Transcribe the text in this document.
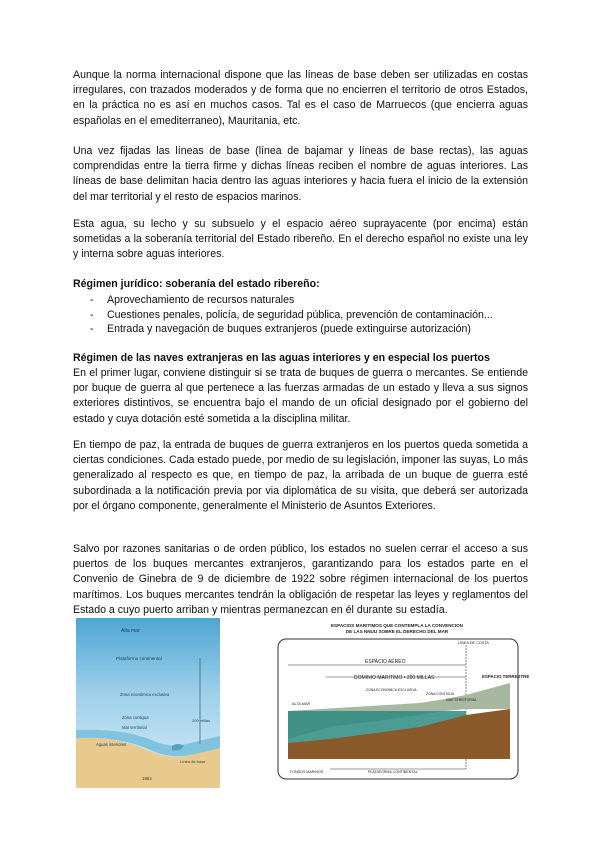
Aunque la norma internacional dispone que las líneas de base deben ser utilizadas en costas irregulares, con trazados moderados y de forma que no encierren el territorio de otros Estados, en la práctica no es así en muchos casos. Tal es el caso de Marruecos (que encierra aguas españolas en el emediterraneo), Mauritania, etc.

Una vez fijadas las líneas de base (línea de bajamar y líneas de base rectas), las aguas comprendidas entre la tierra firme y dichas líneas reciben el nombre de aguas interiores. Las líneas de base delimitan hacia dentro las aguas interiores y hacia fuera el inicio de la extensión del mar territorial y el resto de espacios marinos.

Esta agua, su lecho y su subsuelo y el espacio aéreo suprayacente (por encima) están sometidas a la soberanía territorial del Estado ribereño. En el derecho español no existe una ley y interna sobre aguas interiores.

Régimen jurídico: soberanía del estado ribereño:

- Aprovechamiento de recursos naturales
- Cuestiones penales, policía, de seguridad pública, prevención de contaminación...
- Entrada y navegación de buques extranjeros (puede extinguirse autorización)

Régimen de las naves extranjeras en las aguas interiores y en especial los puertos

En el primer lugar, conviene distinguir si se trata de buques de guerra o mercantes. Se entiende por buque de guerra al que pertenece a las fuerzas armadas de un estado y lleva a sus signos exteriores distintivos, se encuentra bajo el mando de un oficial designado por el gobierno del estado y cuya dotación esté sometida a la disciplina militar.

En tiempo de paz, la entrada de buques de guerra extranjeros en los puertos queda sometida a ciertas condiciones. Cada estado puede, por medio de su legislación, imponer las suyas, Lo más generalizado al respecto es que, en tiempo de paz, la arribada de un buque de guerra esté subordinada a la notificación previa por via diplomática de su visita, que deberá ser autorizada por el órgano componente, generalmente el Ministerio de Asuntos Exteriores.

Salvo por razones sanitarias o de orden público, los estados no suelen cerrar el acceso a sus puertos de los buques mercantes extranjeros, garantizando para los estados parte en el Convenio de Ginebra de 9 de diciembre de 1922 sobre régimen internacional de los puertos marítimos. Los buques mercantes tendrán la obligación de respetar las leyes y reglamentos del Estado a cuyo puerto arriban y mientras permanezcan en él durante su estadía.

Alta mar
Plataforma continental
Zona económica exclusiva
Zona contigua
Mar territorial
Aguas interiores
200 millas
Línea de base
1982
ESPACIOS MARITIMOS QUE CONTEMPLA LA CONVENCION
DE LAS NNUU SOBRE EL DERECHO DEL MAR
ESPACIO AÉREO
DOMINIO MARITIMO • 200 MILLAS
LÍNEA DE COSTA
ESPACIO TERRESTRE
ALTA MAR
ZONA ECONOMICA EXCLUSIVA
ZONA CONTIGUA
MAR TERRITORIAL
FONDOS MARINOS	PLATAFORMA CONTINENTAL
